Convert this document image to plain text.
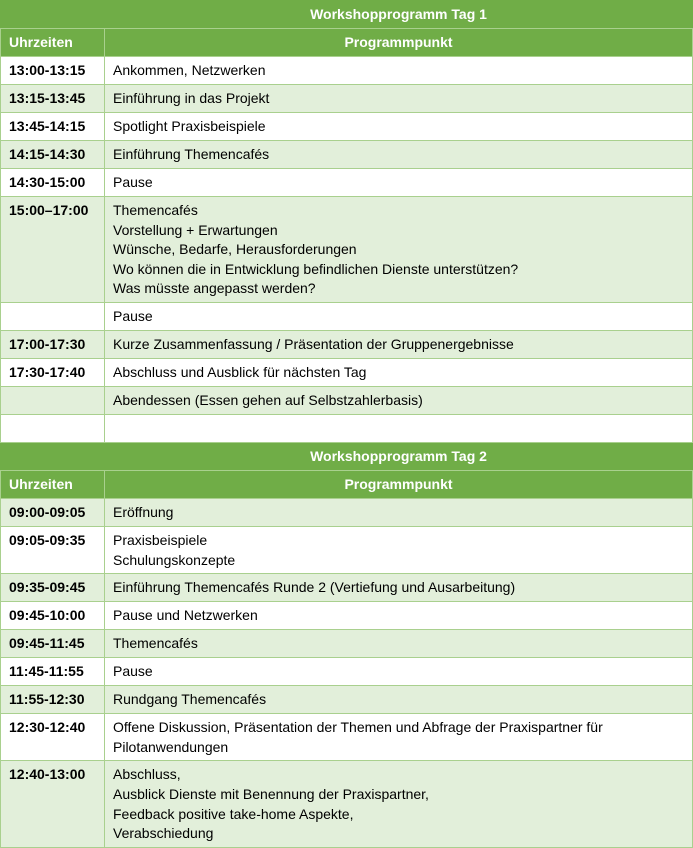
	Workshopprogramm Tag 1
Uhrzeiten	Programmpunkt
13:00-13:15	Ankommen, Netzwerken

13:15-13:45	Einführung in das Projekt

13:45-14:15	Spotlight Praxisbeispiele

14:15-14:30	Einführung Themencafés

14:30-15:00	Pause

15:00–17:00	Themencafés
Vorstellung + Erwartungen
Wünsche, Bedarfe, Herausforderungen
Wo können die in Entwicklung befindlichen Dienste unterstützen?
Was müsste angepasst werden?

	Pause

17:00-17:30	Kurze Zusammenfassung / Präsentation der Gruppenergebnisse

17:30-17:40	Abschluss und Ausblick für nächsten Tag

	Abendessen (Essen gehen auf Selbstzahlerbasis)

	Workshopprogramm Tag 2
Uhrzeiten	Programmpunkt
09:00-09:05	Eröffnung

09:05-09:35	Praxisbeispiele
Schulungskonzepte

09:35-09:45	Einführung Themencafés Runde 2 (Vertiefung und Ausarbeitung)

09:45-10:00	Pause und Netzwerken

09:45-11:45	Themencafés

11:45-11:55	Pause

11:55-12:30	Rundgang Themencafés

12:30-12:40	Offene Diskussion, Präsentation der Themen und Abfrage der Praxispartner für
Pilotanwendungen

12:40-13:00	Abschluss,
Ausblick Dienste mit Benennung der Praxispartner,
Feedback positive take-home Aspekte,
Verabschiedung
